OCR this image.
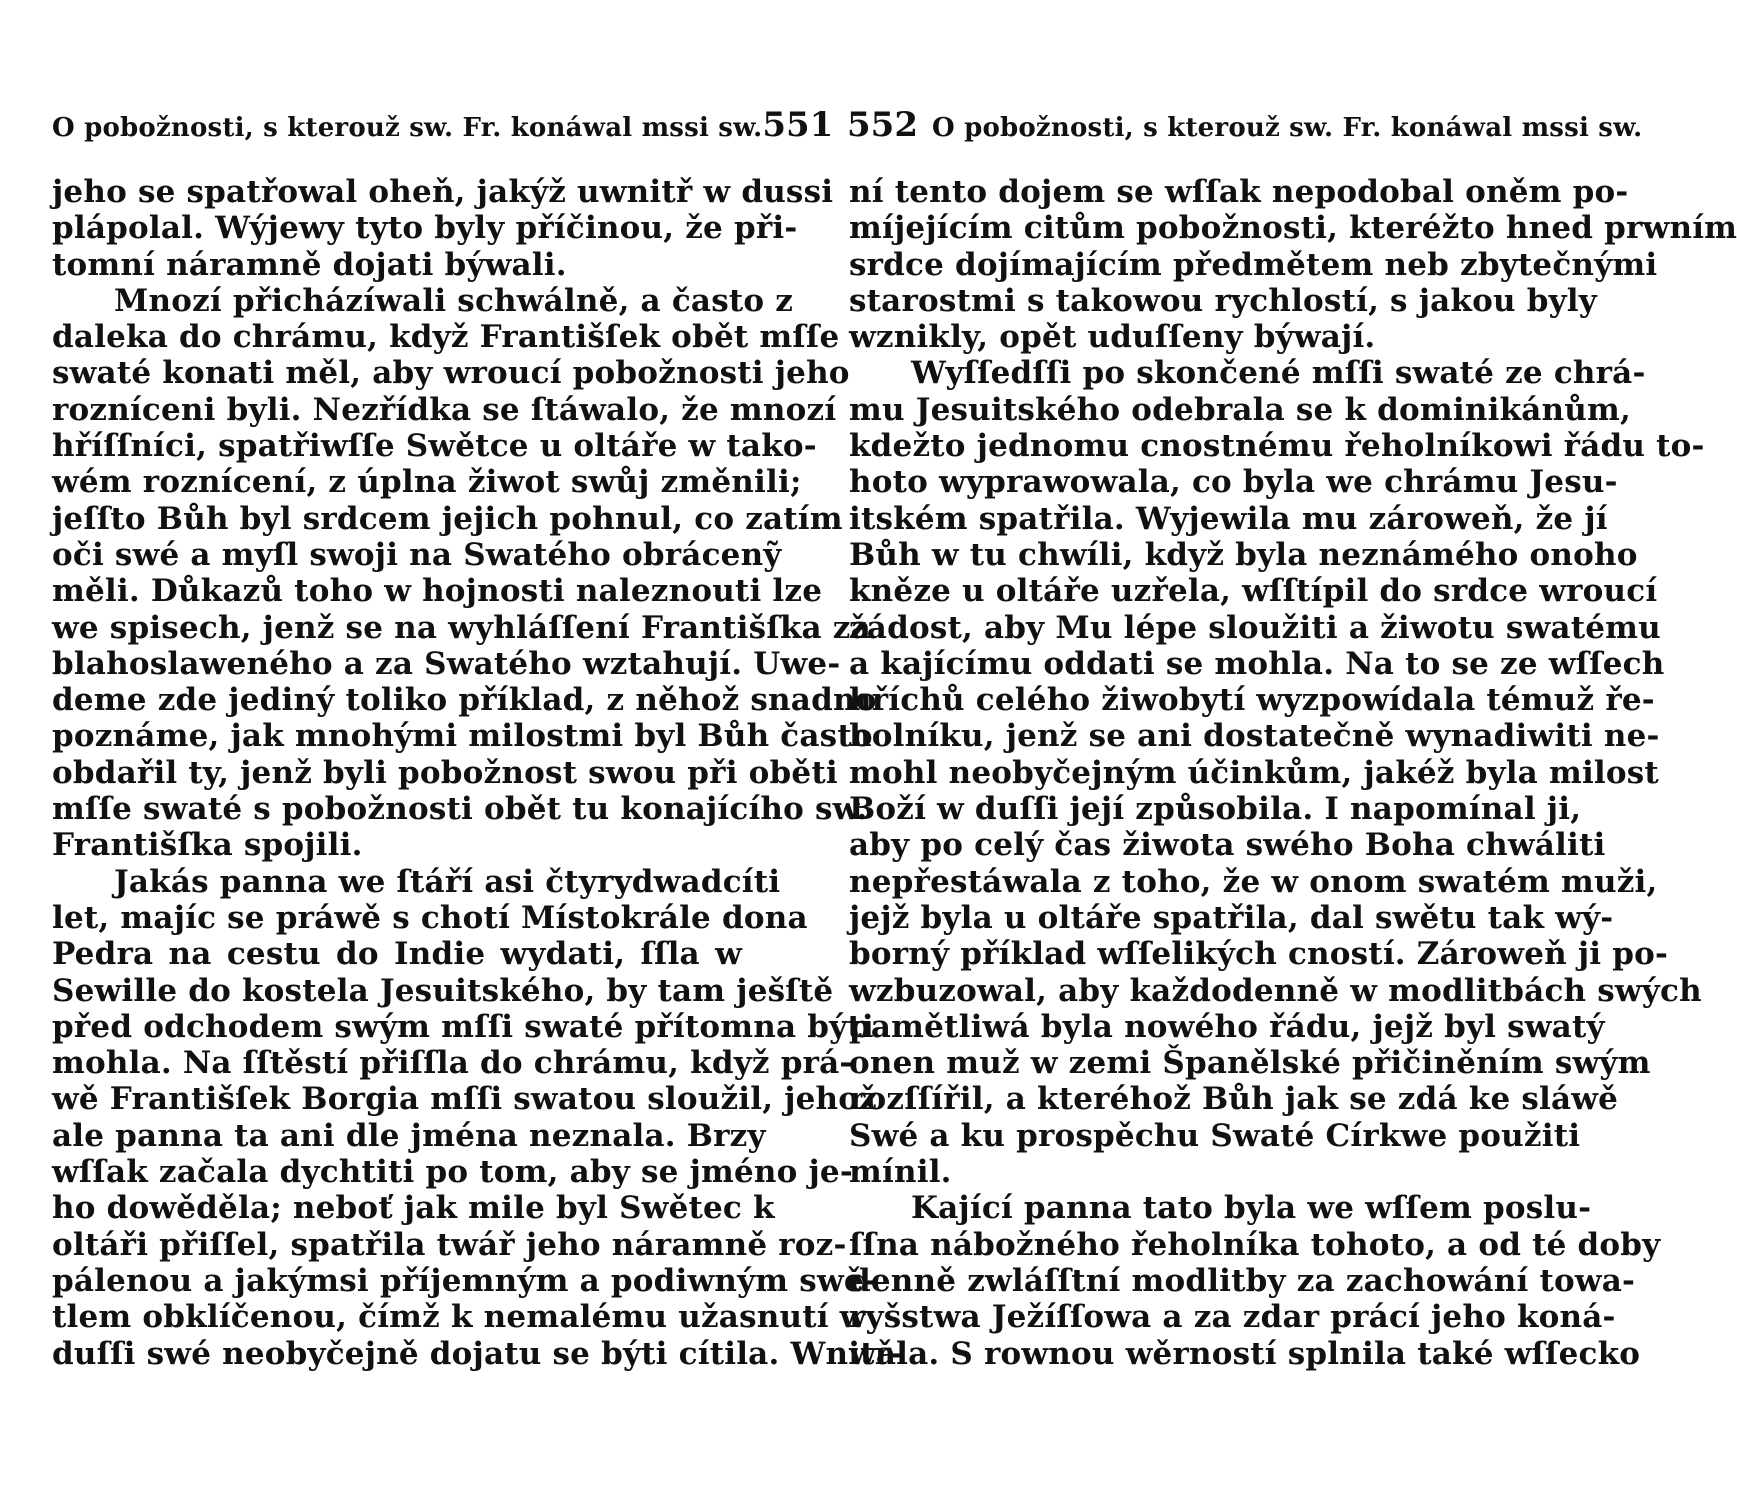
O pobožnosti, s kterouž sw. Fr. konáwal mssi sw. 551
jeho se spatřowal oheň, jakýž uwnitř w dussi
plápolal. Wýjewy tyto byly příčinou, že při-
tomní náramně dojati býwali.
Mnozí přicházíwali schwálně, a často z
daleka do chrámu, když Františſek obět mſſe
swaté konati měl, aby wroucí pobožnosti jeho
rozníceni byli. Nezřídka se ſtáwalo, že mnozí
hříſſníci, spatřiwſſe Swětce u oltáře w tako-
wém roznícení, z úplna žiwot swůj změnili;
jeſſto Bůh byl srdcem jejich pohnul, co zatím
oči swé a myſl swoji na Swatého obrácenỹ
měli. Důkazů toho w hojnosti naleznouti lze
we spisech, jenž se na wyhláſſení Františſka za
blahoslaweného a za Swatého wztahují. Uwe-
deme zde jediný toliko příklad, z něhož snadno
poznáme, jak mnohými milostmi byl Bůh často
obdařil ty, jenž byli pobožnost swou při oběti
mſſe swaté s pobožnosti obět tu konajícího sw.
Františſka spojili.
Jakás panna we ſtáří asi čtyrydwadcíti
let, majíc se práwě s chotí Místokrále dona
Pedra na cestu do Indie wydati, ſſla w
Sewille do kostela Jesuitského, by tam ješſtě
před odchodem swým mſſi swaté přítomna býti
mohla. Na ſſtěstí přiſſla do chrámu, když prá-
wě Františſek Borgia mſſi swatou sloužil, jehož
ale panna ta ani dle jména neznala. Brzy
wſſak začala dychtiti po tom, aby se jméno je-
ho dowěděla; neboť jak mile byl Swětec k
oltáři přiſſel, spatřila twář jeho náramně roz-
pálenou a jakýmsi příjemným a podiwným swě-
tlem obklíčenou, čímž k nemalému užasnutí w
duſſi swé neobyčejně dojatu se býti cítila. Wnitř-
552 O pobožnosti, s kterouž sw. Fr. konáwal mssi sw.
ní tento dojem se wſſak nepodobal oněm po-
míjejícím citům pobožnosti, kteréžto hned prwním
srdce dojímajícím předmětem neb zbytečnými
starostmi s takowou rychlostí, s jakou byly
wznikly, opět uduſſeny býwají.
Wyſſedſſi po skončené mſſi swaté ze chrá-
mu Jesuitského odebrala se k dominikánům,
kdežto jednomu cnostnému řeholníkowi řádu to-
hoto wyprawowala, co byla we chrámu Jesu-
itském spatřila. Wyjewila mu zároweň, že jí
Bůh w tu chwíli, když byla neznámého onoho
kněze u oltáře uzřela, wſſtípil do srdce wroucí
žádost, aby Mu lépe sloužiti a žiwotu swatému
a kajícímu oddati se mohla. Na to se ze wſſech
hříchů celého žiwobytí wyzpowídala témuž ře-
holníku, jenž se ani dostatečně wynadiwiti ne-
mohl neobyčejným účinkům, jakéž byla milost
Boží w duſſi její způsobila. I napomínal ji,
aby po celý čas žiwota swého Boha chwáliti
nepřestáwala z toho, že w onom swatém muži,
jejž byla u oltáře spatřila, dal swětu tak wý-
borný příklad wſſelikých cností. Zároweň ji po-
wzbuzowal, aby každodenně w modlitbách swých
pamětliwá byla nowého řádu, jejž byl swatý
onen muž w zemi Španělské přičiněním swým
rozſſířil, a kteréhož Bůh jak se zdá ke sláwě
Swé a ku prospěchu Swaté Církwe použiti
mínil.
Kající panna tato byla we wſſem poslu-
ſſna nábožného řeholníka tohoto, a od té doby
denně zwláſſtní modlitby za zachowání towa-
ryšstwa Ježíſſowa a za zdar prácí jeho koná-
wala. S rownou wěrností splnila také wſſecko
